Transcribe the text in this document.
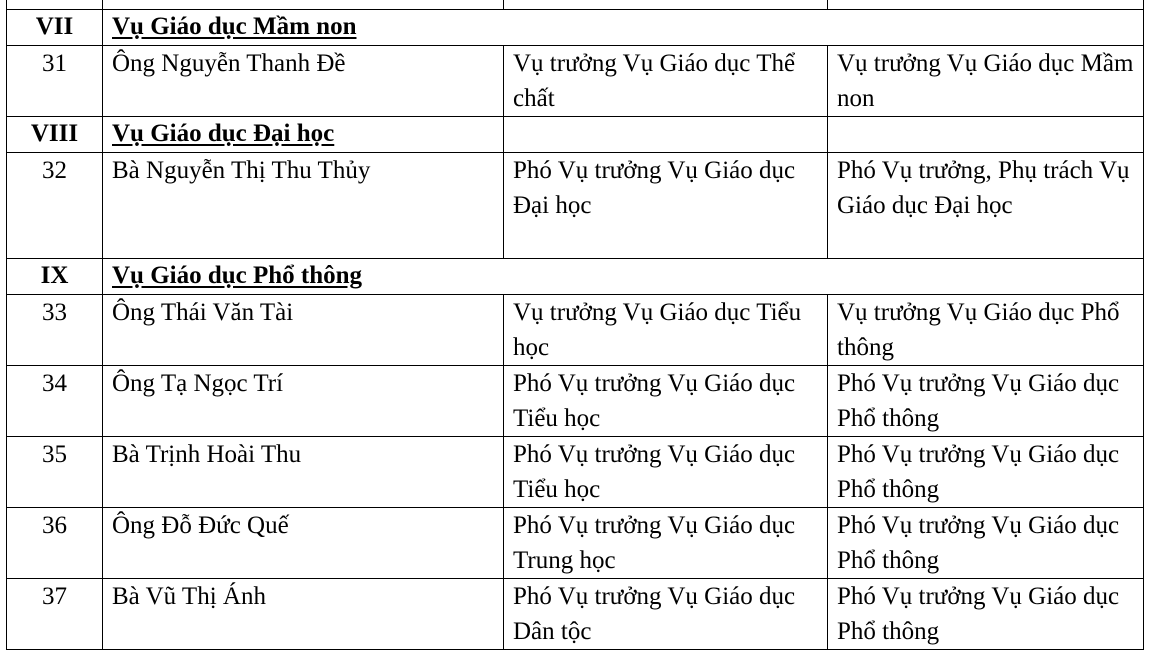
VII	Vụ Giáo dục Mầm non		
31	Ông Nguyễn Thanh Đề	Vụ trưởng Vụ Giáo dục Thể chất	Vụ trưởng Vụ Giáo dục Mầm non
VIII	Vụ Giáo dục Đại học		
32	Bà Nguyễn Thị Thu Thủy	Phó Vụ trưởng Vụ Giáo dục Đại học	Phó Vụ trưởng, Phụ trách Vụ Giáo dục Đại học
IX	Vụ Giáo dục Phổ thông		
33	Ông Thái Văn Tài	Vụ trưởng Vụ Giáo dục Tiểu học	Vụ trưởng Vụ Giáo dục Phổ thông
34	Ông Tạ Ngọc Trí	Phó Vụ trưởng Vụ Giáo dục Tiểu học	Phó Vụ trưởng Vụ Giáo dục Phổ thông
35	Bà Trịnh Hoài Thu	Phó Vụ trưởng Vụ Giáo dục Tiểu học	Phó Vụ trưởng Vụ Giáo dục Phổ thông
36	Ông Đỗ Đức Quế	Phó Vụ trưởng Vụ Giáo dục Trung học	Phó Vụ trưởng Vụ Giáo dục Phổ thông
37	Bà Vũ Thị Ánh	Phó Vụ trưởng Vụ Giáo dục Dân tộc	Phó Vụ trưởng Vụ Giáo dục Phổ thông
